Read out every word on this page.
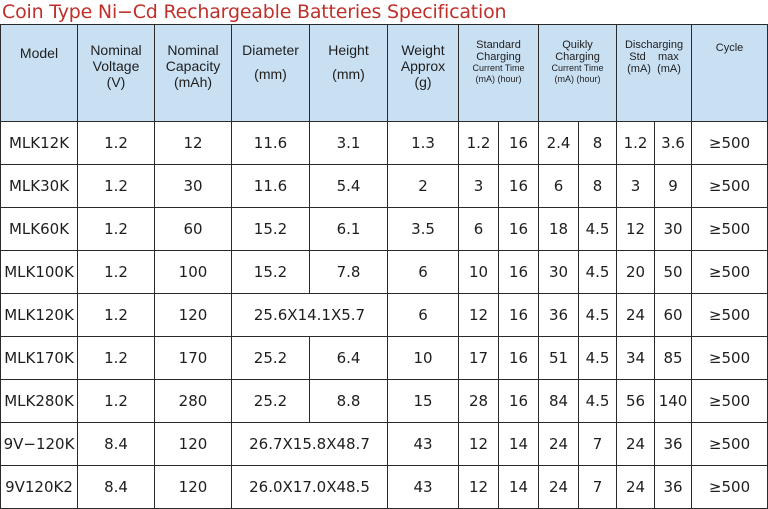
Coin Type Ni−Cd Rechargeable Batteries Specification
Model	Nominal
Voltage
(V)	Nominal
Capacity
(mAh)	Diameter
(mm)	Height
(mm)	Weight
Approx
(g)	Standard
Charging
Current Time
(mA) (hour)		Quikly
Charging
Current Time
(mA) (hour)		Discharging
Std    max
(mA)  (mA)		Cycle

MLK12K	1.2	12	11.6	3.1	1.3	1.2	16	2.4	8	1.2	3.6	≥500
MLK30K	1.2	30	11.6	5.4	2	3	16	6	8	3	9	≥500
MLK60K	1.2	60	15.2	6.1	3.5	6	16	18	4.5	12	30	≥500
MLK100K	1.2	100	15.2	7.8	6	10	16	30	4.5	20	50	≥500
MLK120K	1.2	120	25.6X14.1X5.7		6	12	16	36	4.5	24	60	≥500
MLK170K	1.2	170	25.2	6.4	10	17	16	51	4.5	34	85	≥500
MLK280K	1.2	280	25.2	8.8	15	28	16	84	4.5	56	140	≥500
9V−120K	8.4	120	26.7X15.8X48.7		43	12	14	24	7	24	36	≥500
9V120K2	8.4	120	26.0X17.0X48.5		43	12	14	24	7	24	36	≥500
